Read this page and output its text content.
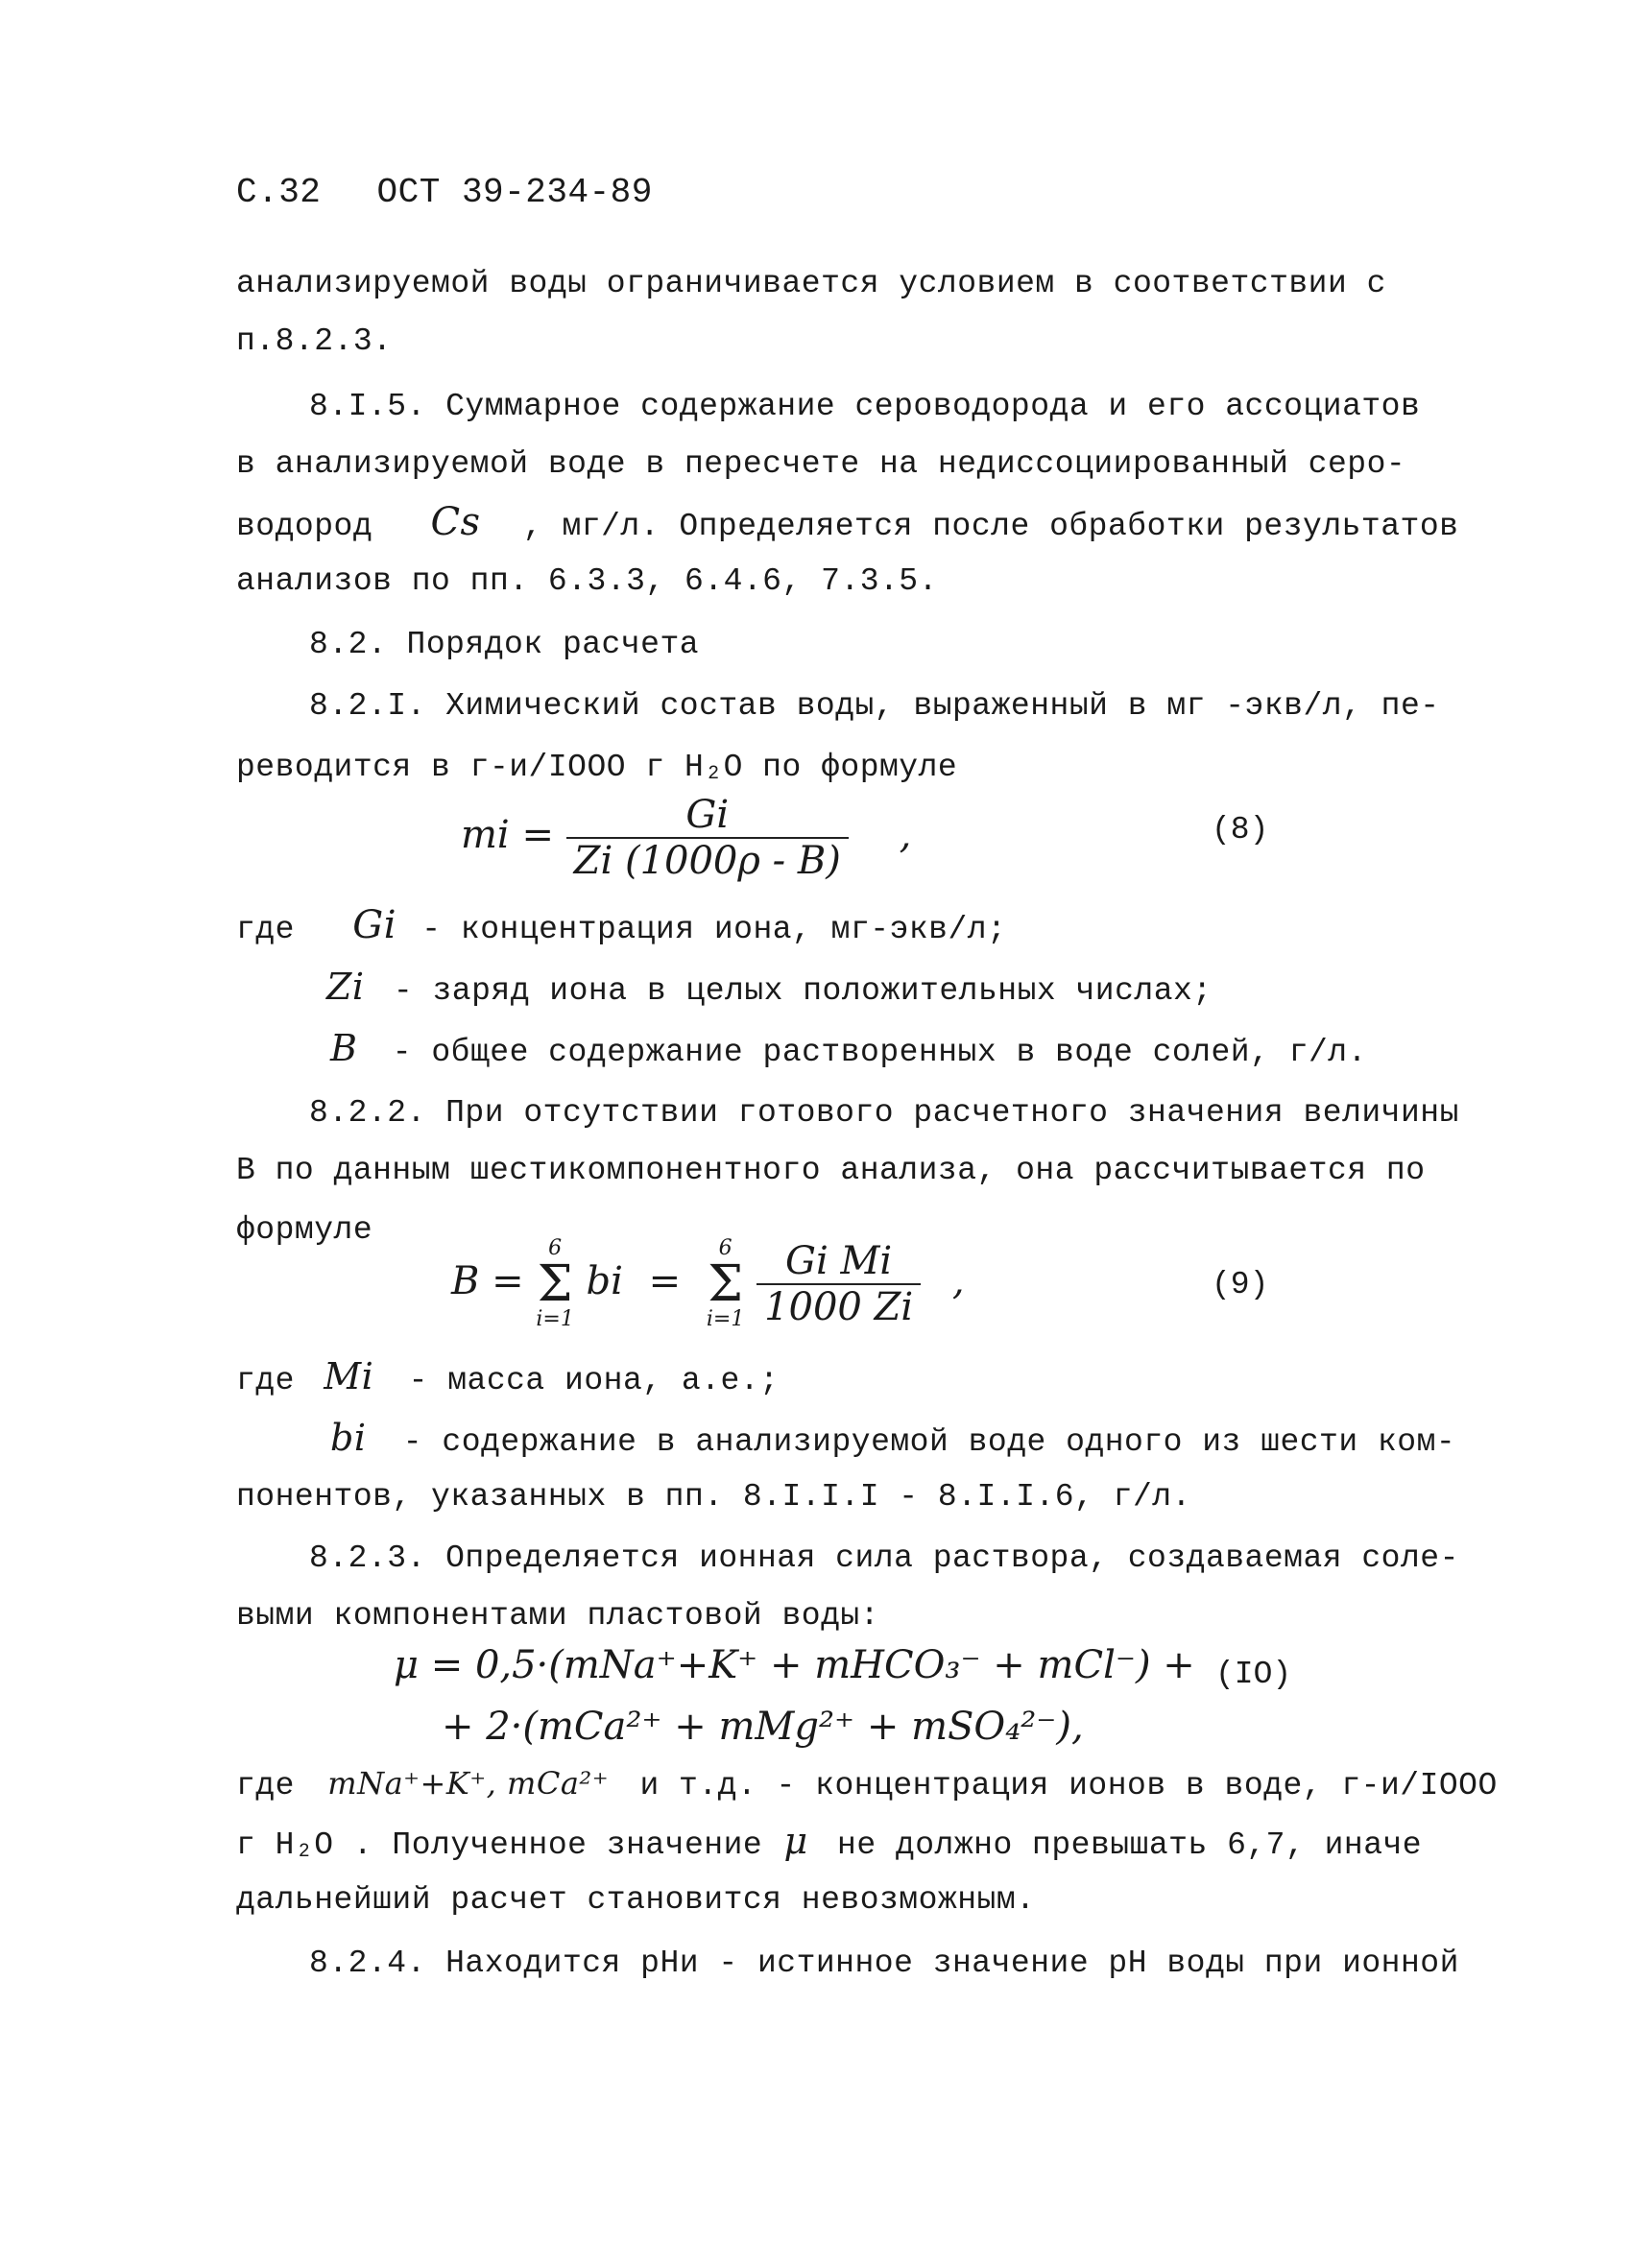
С.32 ОСТ 39-234-89
анализируемой воды ограничивается условием в соответствии с
п.8.2.3.
8.I.5. Суммарное содержание сероводорода и его ассоциатов
в анализируемой воде в пересчете на недиссоциированный серо-
водород Cs , мг/л. Определяется после обработки результатов
анализов по пп. 6.3.3, 6.4.6, 7.3.5.
8.2. Порядок расчета
8.2.I. Химический состав воды, выраженный в мг -экв/л, пе-
реводится в г-и/IOOO г H₂O по формуле
mi = $\frac{Gi}{Zi (1000\rho - B)}$ ,	(8)
где Gi - концентрация иона, мг-экв/л;
Zi - заряд иона в целых положительных числах;
B - общее содержание растворенных в воде солей, г/л.
8.2.2. При отсутствии готового расчетного значения величины
В по данным шестикомпонентного анализа, она рассчитывается по
формуле
B =
6
Σ
i=1
bi =
6
Σ
i=1
$\frac{\text{Gi Mi}}{1000 Zi}$ ,	(9)
где Mi - масса иона, а.е.;
bi - содержание в анализируемой воде одного из шести ком-
понентов, указанных в пп. 8.I.I.I - 8.I.I.6, г/л.
8.2.3. Определяется ионная сила раствора, создаваемая соле-
выми компонентами пластовой воды:
μ = 0,5·(mNa⁺+K⁺ + mHCO₃⁻ + mCl⁻) +
+ 2·(mCa²⁺ + mMg²⁺ + mSO₄²⁻),
(IO)
где mNa⁺+K⁺, mCa²⁺ и т.д. - концентрация ионов в воде, г-и/IOOO
г H₂O . Полученное значение μ не должно превышать 6,7, иначе
дальнейший расчет становится невозможным.
8.2.4. Находится рНи - истинное значение рН воды при ионной
